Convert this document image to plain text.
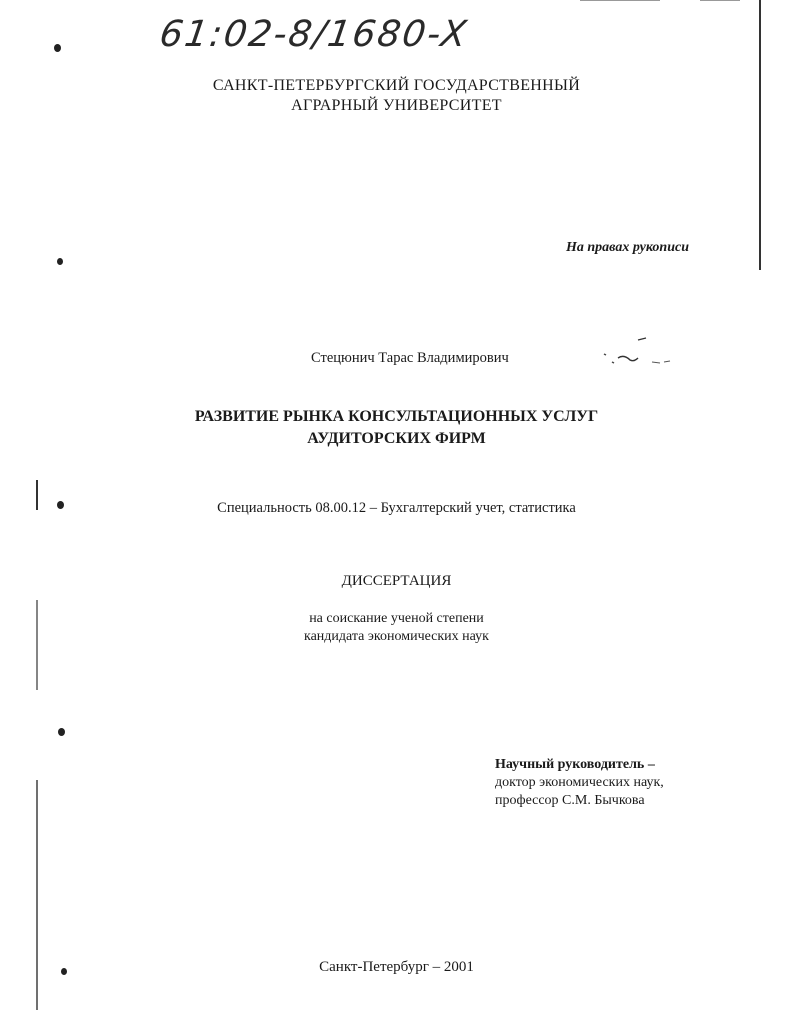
61:02-8/1680-X
САНКТ-ПЕТЕРБУРГСКИЙ ГОСУДАРСТВЕННЫЙ
АГРАРНЫЙ УНИВЕРСИТЕТ
На правах рукописи
Стецюнич Тарас Владимирович
РАЗВИТИЕ РЫНКА КОНСУЛЬТАЦИОННЫХ УСЛУГ
АУДИТОРСКИХ ФИРМ
Специальность 08.00.12 – Бухгалтерский учет, статистика
ДИССЕРТАЦИЯ
на соискание ученой степени
кандидата экономических наук
Научный руководитель –
доктор экономических наук,
профессор С.М. Бычкова
Санкт-Петербург – 2001
